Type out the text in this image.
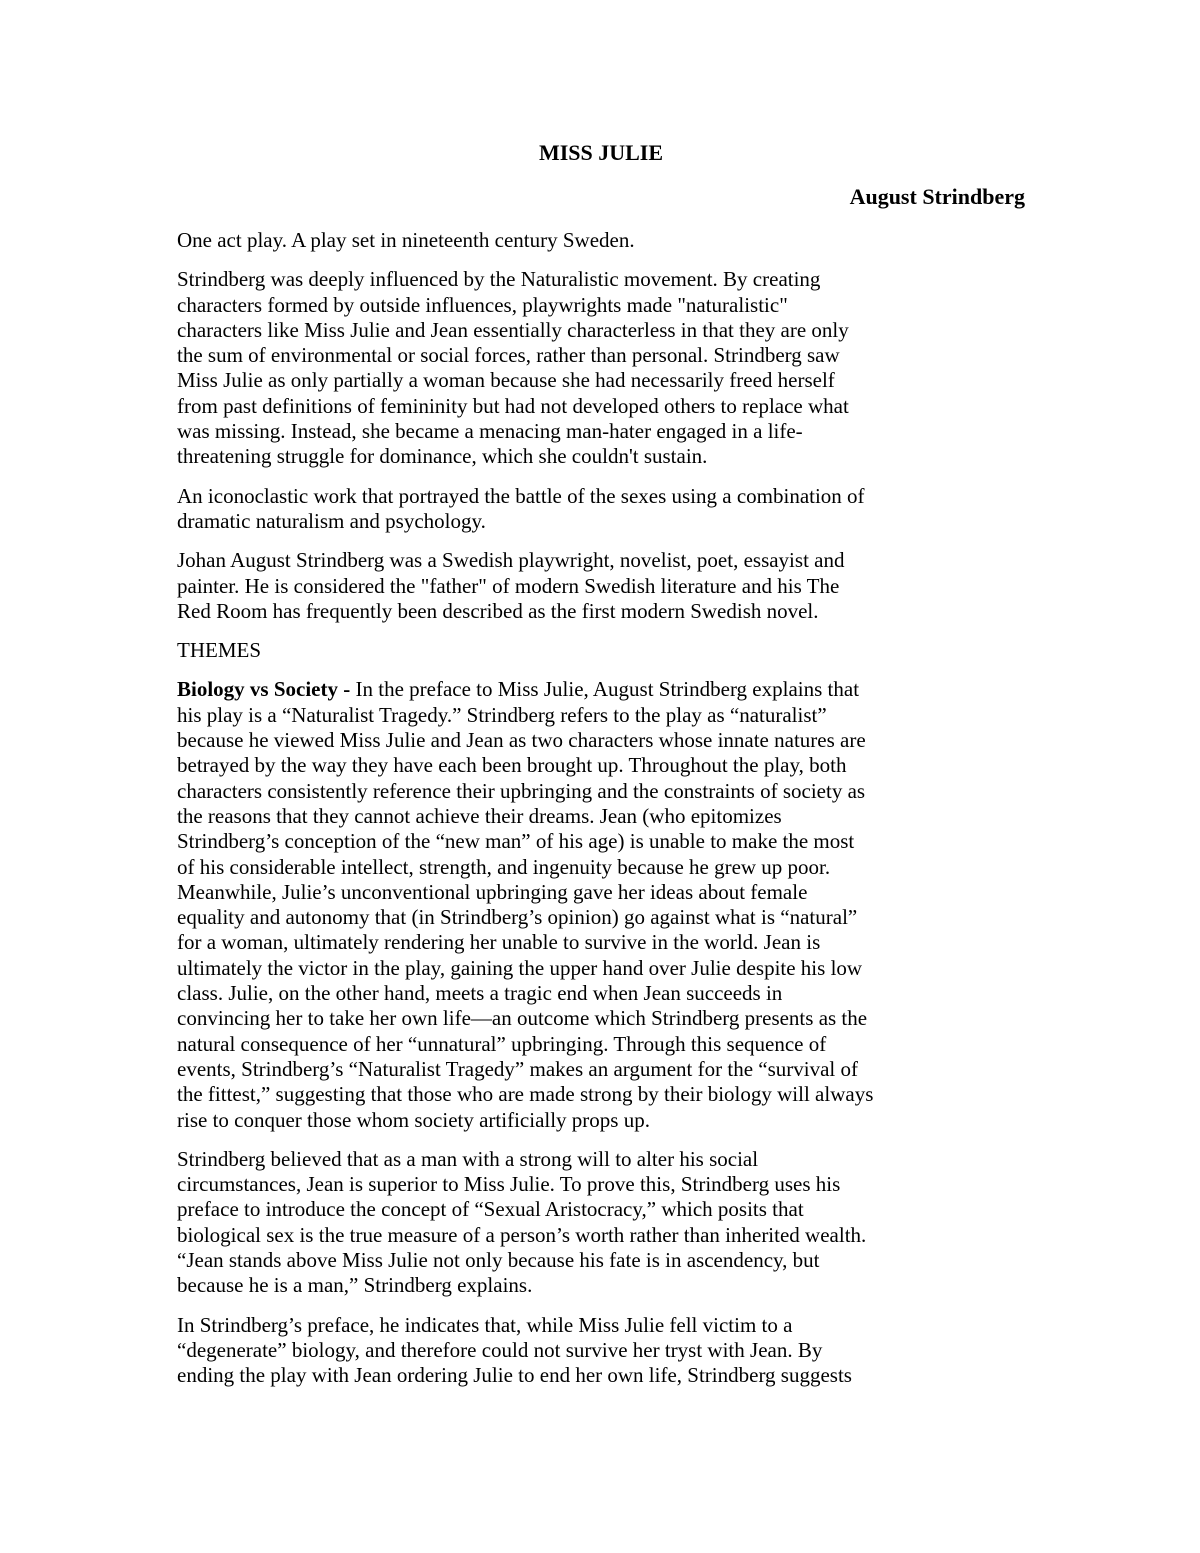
MISS JULIE
August Strindberg

One act play. A play set in nineteenth century Sweden.

Strindberg was deeply influenced by the Naturalistic movement. By creating
characters formed by outside influences, playwrights made "naturalistic"
characters like Miss Julie and Jean essentially characterless in that they are only
the sum of environmental or social forces, rather than personal. Strindberg saw
Miss Julie as only partially a woman because she had necessarily freed herself
from past definitions of femininity but had not developed others to replace what
was missing. Instead, she became a menacing man-hater engaged in a life-
threatening struggle for dominance, which she couldn't sustain.

An iconoclastic work that portrayed the battle of the sexes using a combination of
dramatic naturalism and psychology.

Johan August Strindberg was a Swedish playwright, novelist, poet, essayist and
painter. He is considered the "father" of modern Swedish literature and his The
Red Room has frequently been described as the first modern Swedish novel.

THEMES

Biology vs Society - In the preface to Miss Julie, August Strindberg explains that
his play is a “Naturalist Tragedy.” Strindberg refers to the play as “naturalist”
because he viewed Miss Julie and Jean as two characters whose innate natures are
betrayed by the way they have each been brought up. Throughout the play, both
characters consistently reference their upbringing and the constraints of society as
the reasons that they cannot achieve their dreams. Jean (who epitomizes
Strindberg’s conception of the “new man” of his age) is unable to make the most
of his considerable intellect, strength, and ingenuity because he grew up poor.
Meanwhile, Julie’s unconventional upbringing gave her ideas about female
equality and autonomy that (in Strindberg’s opinion) go against what is “natural”
for a woman, ultimately rendering her unable to survive in the world. Jean is
ultimately the victor in the play, gaining the upper hand over Julie despite his low
class. Julie, on the other hand, meets a tragic end when Jean succeeds in
convincing her to take her own life—an outcome which Strindberg presents as the
natural consequence of her “unnatural” upbringing. Through this sequence of
events, Strindberg’s “Naturalist Tragedy” makes an argument for the “survival of
the fittest,” suggesting that those who are made strong by their biology will always
rise to conquer those whom society artificially props up.

Strindberg believed that as a man with a strong will to alter his social
circumstances, Jean is superior to Miss Julie. To prove this, Strindberg uses his
preface to introduce the concept of “Sexual Aristocracy,” which posits that
biological sex is the true measure of a person’s worth rather than inherited wealth.
“Jean stands above Miss Julie not only because his fate is in ascendency, but
because he is a man,” Strindberg explains.

In Strindberg’s preface, he indicates that, while Miss Julie fell victim to a
“degenerate” biology, and therefore could not survive her tryst with Jean. By
ending the play with Jean ordering Julie to end her own life, Strindberg suggests
